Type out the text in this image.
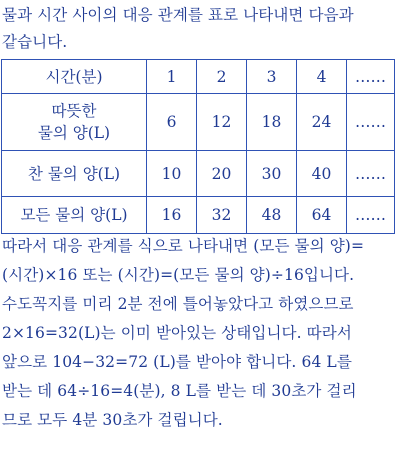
물과 시간 사이의 대응 관계를 표로 나타내면 다음과
같습니다.

시간(분)	1	2	3	4	……

따뜻한
물의 양(L)	6	12	18	24	……
찬 물의 양(L)	10	20	30	40	……
모든 물의 양(L)	16	32	48	64	……

따라서 대응 관계를 식으로 나타내면 (모든 물의 양)=
(시간)×16 또는 (시간)=(모든 물의 양)÷16입니다.
수도꼭지를 미리 2분 전에 틀어놓았다고 하였으므로
2×16=32(L)는 이미 받아있는 상태입니다. 따라서
앞으로 104−32=72 (L)를 받아야 합니다. 64 L를
받는 데 64÷16=4(분), 8 L를 받는 데 30초가 걸리
므로 모두 4분 30초가 걸립니다.
